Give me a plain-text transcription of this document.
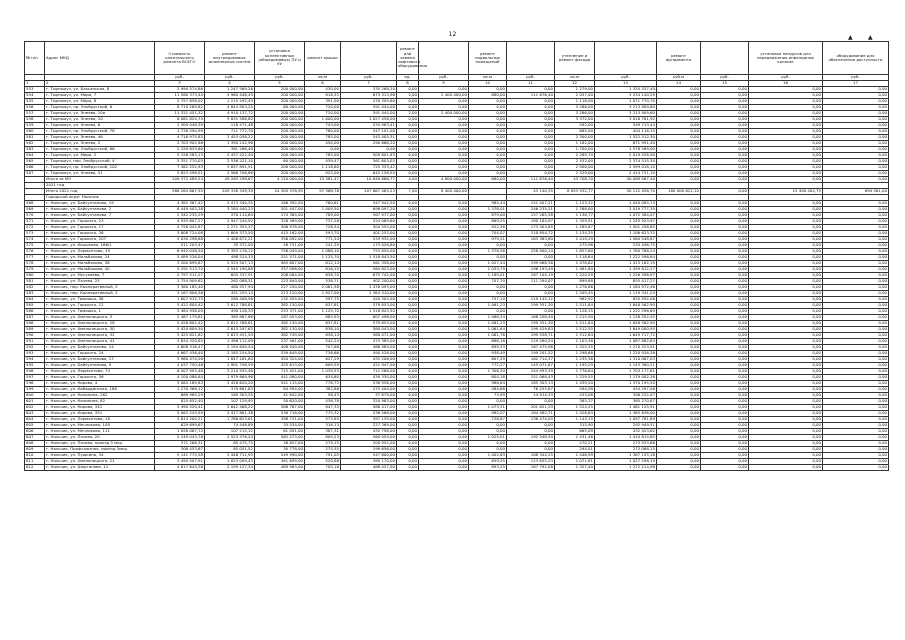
12	▲	▲
№ п/п	Адрес МКД	Стоимость капитального ремонта ВСЕГО	ремонт внутридомовых инженерных систем	установка коллективных (общедомовых) ПУ и УУ	ремонт крыши		ремонт или замена лифтового оборудования		ремонт подвальных помещений		утепление и ремонт фасада		ремонт фундамента		установка пандусов для передвижения инвалидных колясок	оборудование для обеспечения доступности
		руб.	руб.	руб.	кв.м	руб.	ед.	руб.	кв.м	руб.	кв.м	руб.	куб.м	руб.	руб.	руб.
1	2	3	4	5	6	7	8	9	10	11	12	13	14	15	16	17
553	г. Тырныауз, ул. Баксанская, 8	2 990 574,86	1 247 569,26	200 000,00	430,00	335 268,20	0,00	0,00	0,00	0,00	1 279,00	1 335 337,40	0,00	0,00	0,00	0,00
554	г. Тырныауз, ул. Мира, 7	11 580 373,44	4 960 446,45	200 000,00	818,55	673 313,96	2,00	2 400 000,00	680,00	111 676,40	2 057,00	3 234 140,29	0,00	0,00	0,00	0,00
555	г. Тырныауз, ул. Мира, 8	2 757 658,02	1 215 292,44	200 000,00	391,00	270 305,60	0,00	0,00	0,00	0,00	1 118,00	1 071 770,70	0,00	0,00	0,00	0,00
556	г. Тырныауз, пр. Эльбрусский, 6	8 710 269,82	4 844 903,25	60 000,00	720,00	591 444,00	0,00	0,00	0,00	0,00	3 286,00	3 213 909,60	0,00	0,00	0,00	0,00
557	г. Тырныауз, ул. Энеева, 10а	11 321 451,32	4 910 137,72	200 000,00	720,00	591 444,00	2,00	2 400 000,00	0,00	0,00	3 286,00	3 213 909,60	0,00	0,00	0,00	0,00
558	г. Тырныауз, ул. Энеева, 10	8 081 824,74	3 835 586,82	200 000,00	1 600,00	1 027 456,00	0,00	0,00	0,00	0,00	3 372,00	3 018 781,92	0,00	0,00	0,00	0,00
559	г. Тырныауз, ул. Энеева, 6	1 309 048,39	118 471,48	200 000,00	743,00	534 963,41	0,00	0,00	0,00	0,00	592,00	549 713,44	0,00	0,00	0,00	0,00
560	г. Тырныауз, пр. Эльбрусский, 78	1 738 590,99	711 772,70	200 000,00	760,00	547 101,00	0,00	0,00	0,00	0,00	665,00	404 116,15	0,00	0,00	0,00	0,00
561	г. Тырныауз, ул. Энеева, 46	4 718 975,83	2 453 058,22	200 000,00	785,00	543 405,31	0,00	0,00	0,00	0,00	2 300,00	1 522 512,30	0,00	0,00	0,00	0,00
562	г. Тырныауз, ул. Энеева, 2	2 703 902,86	1 390 242,96	200 000,00	450,00	290 668,20	0,00	0,00	0,00	0,00	1 182,00	871 991,40	0,00	0,00	0,00	0,00
563	г. Тырныауз, пр. Эльбрусский, 86	2 159 833,60	361 266,40	200 000,00	0,00	0,00	0,00	0,00	0,00	0,00	1 700,00	1 578 569,00	0,00	0,00	0,00	0,00
564	г. Тырныауз, ул. Мира, 2	5 156 583,13	2 437 422,40	200 000,00	785,00	509 601,83	0,00	0,00	0,00	0,00	2 289,70	2 019 528,90	0,00	0,00	0,00	0,00
565	г. Тырныауз, пер. Эльбрусский, 4	5 351 770,03	2 536 221,10	60 000,00	439,47	561 603,03	0,00	0,00	0,00	0,00	2 432,00	2 374 515,30	0,00	0,00	0,00	0,00
566	г. Тырныауз, пр. Эльбрусский, 102	7 362 252,93	3 837 891,51	200 000,00	1 118,60	725 333,42	0,00	0,00	0,00	0,00	2 906,00	2 599 018,10	0,00	0,00	0,00	0,00
567	г. Тырныауз, ул. Энеева, 51	5 823 598,51	2 566 708,86	200 000,00	925,00	642 158,55	0,00	0,00	0,00	0,00	2 529,00	2 414 731,10	0,00	0,00	0,00	0,00
	Итого за МО	109 372 489,24	49 263 298,67	4 120 000,00	15 381,47	10 849 866,77	4,00	4 800 000,00	680,00	111 676,40	43 708,70	40 089 567,40	0,00	0,00	0,00	0,00
	2021 год															
	Итого 2021 год	568 264 867,55	209 338 349,39	24 305 378,95	97 368,76	107 867 463,23	7,00	8 400 000,00		43 140,35	8 093 932,77	30 112 458,70	180 000 822,10	0,00	15 300 402,75	694 561,00
	Городской округ Нальчик															
568	г. Нальчик, ул. Байсултанова, 19	4 382 367,42	2 473 340,35	168 392,00	760,61	547 942,50	0,00	0,00	985,44	151 407,21	1 123,32	1 040 085,74	0,00	0,00	0,00	0,00
569	г. Нальчик, ул. Байсултанова, 2	6 449 403,28	3 184 440,23	301 447,00	1 009,50	698 097,20	0,00	0,00	1 378,01	246 235,21	1 768,00	2 019 777,35	0,00	0,00	0,00	0,00
570	г. Нальчик, ул. Байсултанова, 7	2 342 235,29	370 114,64	174 384,00	789,00	567 977,00	0,00	0,00	879,00	157 265,58	1 136,77	1 072 384,07	0,00	0,00	0,00	0,00
571	г. Нальчик, ул. Горького, 23	4 935 607,27	2 947 244,92	328 369,00	737,28	524 069,60	0,00	0,00	869,25	180 184,97	1 359,51	1 245 923,97	0,00	0,00	0,00	0,00
572	г. Нальчик, ул. Горького, 17	4 758 042,87	2 271 355,37	306 978,00	728,34	504 555,00	0,00	0,00	922,36	173 303,85	1 289,67	1 501 256,65	0,00	0,00	0,00	0,00
573	г. Нальчик, ул. Горького, 36	3 808 724,08	1 809 373,50	415 162,00	593,70	401 253,00	0,00	0,00	704,07	110 854,72	1 134,35	1 106 623,32	0,00	0,00	0,00	0,00
574	г. Нальчик, ул. Горького, 207	5 030 298,68	2 406 672,21	356 092,00	771,54	533 932,00	0,00	0,00	979,21	183 383,80	1 419,29	1 560 548,67	0,00	0,00	0,00	0,00
575	г. Нальчик, ул. Кешокова, 166/1	511 203,47	35 372,00	26 731,00	241,29	173 026,80	0,00	0,00	0,00	0,00	275,96	234 446,75	0,00	0,00	0,00	0,00
576	г. Нальчик, ул. Лермонтова, 19	6 942 048,50	3 393 276,12	756 049,00	1 088,10	753 850,00	0,00	0,00	1 378,56	258 900,14	1 857,60	1 780 788,24	0,00	0,00	0,00	0,00
577	г. Нальчик, ул. Мальбахова, 24	3 489 526,04	498 524,33	251 571,00	1 125,70	1 518 843,50	0,00	0,00	0,00	0,00	1 118,64	1 222 596,64	0,00	0,00	0,00	0,00
578	г. Нальчик, ул. Мальбахова, 38	3 200 699,67	2 529 507,13	963 607,00	812,14	561 358,00	0,00	0,00	1 027,44	199 068,36	1 478,62	1 413 162,19	0,00	0,00	0,00	0,00
579	г. Нальчик, ул. Мальбахова, 40	5 291 513,70	2 545 190,88	357 098,00	816,15	564 823,00	0,00	0,00	1 033,79	196 193,49	1 481,80	1 439 812,27	0,00	0,00	0,00	0,00
580	г. Нальчик, ул. Мусукаева, 7	2 797 511,07	603 337,91	208 084,00	638,70	675 742,00	0,00	0,00	1 189,01	187 104,19	1 220,59	1 226 396,97	0,00	0,00	0,00	0,00
581	г. Нальчик, ул. Пачева, 25	1 754 909,62	262 088,31	123 840,00	538,71	402 200,00	0,00	0,00	707,70	111 294,07	899,68	855 417,27	0,00	0,00	0,00	0,00
582	г. Нальчик, пер. Кооперативный, 5	3 380 185,40	480 557,94	227 250,00	2 061,58	1 476 093,00	0,00	0,00	0,00	0,00	1 276,86	1 184 972,46	0,00	0,00	0,00	0,00
583	г. Нальчик, пер. Кооперативный, 5	3 167 806,38	451 255,14	213 120,00	1 927,00	1 384 310,00	0,00	0,00	0,00	0,00	1 205,45	1 119 341,24	0,00	0,00	0,00	0,00
584	г. Нальчик, ул. Тимошко, 38	1 807 912,75	280 408,56	132 455,00	597,75	420 302,00	0,00	0,00	757,10	119 145,12	962,92	855 592,06	0,00	0,00	0,00	0,00
585	г. Нальчик, ул. Горького, 12	5 422 804,42	2 612 788,81	382 130,00	837,81	579 853,00	0,00	0,00	1 061,23	199 351,30	1 511,84	1 648 562,90	0,00	0,00	0,00	0,00
586	г. Нальчик, ул. Тимошко, 1	3 484 936,04	490 126,33	253 371,00	1 125,70	1 518 843,50	0,00	0,00	0,00	0,00	1 126,15	1 222 596,69	0,00	0,00	0,00	0,00
587	г. Нальчик, ул. Хмельницкого, 3	2 487 179,81	385 867,86	187 053,00	885,93	607 498,00	0,00	0,00	1 068,34	168 208,40	1 215,50	1 138 552,55	0,00	0,00	0,00	0,00
588	г. Нальчик, ул. Хмельницкого, 28	5 428 802,42	2 612 788,81	382 130,00	837,81	579 853,00	0,00	0,00	1 061,23	199 351,30	1 511,84	1 648 562,90	0,00	0,00	0,00	0,00
589	г. Нальчик, ул. Хмельницкого, 30	5 424 609,30	2 613 297,63	382 130,00	838,10	580 043,00	0,00	0,00	1 061,64	199 429,83	1 512,55	1 649 000,95	0,00	0,00	0,00	0,00
590	г. Нальчик, ул. Хмельницкого, 32	5 425 821,62	2 613 451,54	382 749,00	838,14	580 471,00	0,00	0,00	1 061,76	199 558,71	1 512,64	1 649 717,72	0,00	0,00	0,00	0,00
591	г. Нальчик, ул. Хмельницкого, 41	3 634 320,65	1 496 112,09	237 461,00	542,24	375 385,00	0,00	0,00	688,18	129 280,24	1 103,38	1 087 862,63	0,00	0,00	0,00	0,00
592	г. Нальчик, ул. Байсултанова, 14	4 608 316,47	2 194 649,54	408 940,00	707,68	486 989,00	0,00	0,00	899,33	167 475,96	1 325,35	1 270 523,91	0,00	0,00	0,00	0,00
593	г. Нальчик, ул. Горького, 24	4 667 436,40	2 185 254,50	339 649,00	736,66	490 426,00	0,00	0,00	938,49	199 201,52	1 298,68	1 220 926,38	0,00	0,00	0,00	0,00
594	г. Нальчик, ул. Байсултанова, 17	3 980 474,26	1 847 161,84	454 324,00	627,29	433 206,00	0,00	0,00	807,29	162 714,37	1 235,36	1 310 067,03	0,00	0,00	0,00	0,00
595	г. Нальчик, ул. Байсултанова, 9	4 037 750,46	1 901 758,59	425 613,00	609,59	421 947,00	0,00	0,00	772,27	145 071,67	1 195,29	1 143 360,21	0,00	0,00	0,00	0,00
596	г. Нальчик, ул. Лермонтова, 74	6 507 993,48	3 210 935,48	715 421,00	1 039,53	712 566,00	0,00	0,00	1 306,30	244 993,39	1 776,64	1 703 177,61	0,00	0,00	0,00	0,00
597	г. Нальчик, ул. Горького, 36	4 100 086,64	1 979 669,96	441 080,00	634,80	439 330,00	0,00	0,00	804,18	151 068,43	1 229,55	1 179 002,26	0,00	0,00	0,00	0,00
598	г. Нальчик, ул. Кирова, 4	5 064 189,83	2 428 620,20	541 115,00	778,75	538 956,00	0,00	0,00	986,64	185 303,13	1 439,20	1 370 195,50	0,00	0,00	0,00	0,00
599	г. Нальчик, ул. Кабардинская, 188	1 270 368,12	379 661,83	84 994,00	382,88	275 404,00	0,00	0,00	484,68	76 255,87	594,58	454 297,56	0,00	0,00	0,00	0,00
600	г. Нальчик, ул. Калинина, 262	669 969,29	169 303,55	41 642,00	58,43	37 879,00	0,00	0,00	73,99	14 914,33	433,08	306 252,07	0,00	0,00	0,00	0,00
601	г. Нальчик, ул. Калинина, 82	825 852,40	107 129,95	50 620,00	436,78	320 983,00	0,00	0,00	0,00	0,00	385,37	365 270,87	0,00	0,00	0,00	0,00
602	г. Нальчик, ул. Кирова, 341	5 490 520,41	2 642 488,22	588 767,00	847,35	586 417,00	0,00	0,00	1 073,31	201 621,29	1 524,25	1 461 125,91	0,00	0,00	0,00	0,00
603	г. Нальчик, ул. Кирова, 351	5 063 243,59	2 417 861,36	538 718,00	775,32	536 568,00	0,00	0,00	982,07	184 482,71	1 426,63	1 365 636,00	0,00	0,00	0,00	0,00
604	г. Нальчик, ул. Лермонтова, 18	3 813 200,21	1 786 623,61	398 731,00	573,85	397 139,00	0,00	0,00	726,87	136 474,05	1 143,15	1 097 781,89	0,00	0,00	0,00	0,00
605	г. Нальчик, ул. Мечникова, 109	629 699,67	74 448,89	35 534,00	316,13	227 369,00	0,00	0,00	0,00	0,00	315,90	292 949,51	0,00	0,00	0,00	0,00
606	г. Нальчик, ул. Мечникова, 111	1 058 067,74	107 215,12	61 091,00	387,31	432 798,00	0,00	0,00	0,00	0,00	665,09	432 423,62	0,00	0,00	0,00	0,00
607	г. Нальчик, ул. Пачева, 20	5 249 043,78	2 523 376,54	562 273,00	809,23	560 059,00	0,00	0,00	1 025,01	192 548,30	1 431,46	1 410 815,65	0,00	0,00	0,00	0,00
608	г. Нальчик, ул. Пачева, проезд 5 мкр.	371 266,31	65 475,75	36 657,00	279,15	200 952,00	0,00	0,00	0,00	0,00	270,21	273 933,86	0,00	0,00	0,00	0,00
609	г. Нальчик, Профсоюзная, проезд 5мкр.	308 453,67	65 051,52	30 778,00	275,35	199 656,00	0,00	0,00	0,00	0,00	294,01	273 068,15	0,00	0,00	0,00	0,00
610	г. Нальчик, ул. Пушкина, 34	5 141 775,58	2 448 711,95	549 990,00	791,05	547 800,00	0,00	0,00	1 002,63	188 344,25	1 446,99	1 387 155,18	0,00	0,00	0,00	0,00
611	г. Нальчик, ул. Хмельницкого, 21	3 490 507,91	1 623 009,43	361 699,00	520,68	360 170,00	0,00	0,00	659,25	123 855,23	1 071,81	1 027 298,19	0,00	0,00	0,00	0,00
612	г. Нальчик, ул. Шортанова, 11	4 617 643,38	2 199 127,34	489 983,00	705,18	488 027,00	0,00	0,00	893,25	167 792,08	1 327,40	1 272 214,96	0,00	0,00	0,00	0,00
